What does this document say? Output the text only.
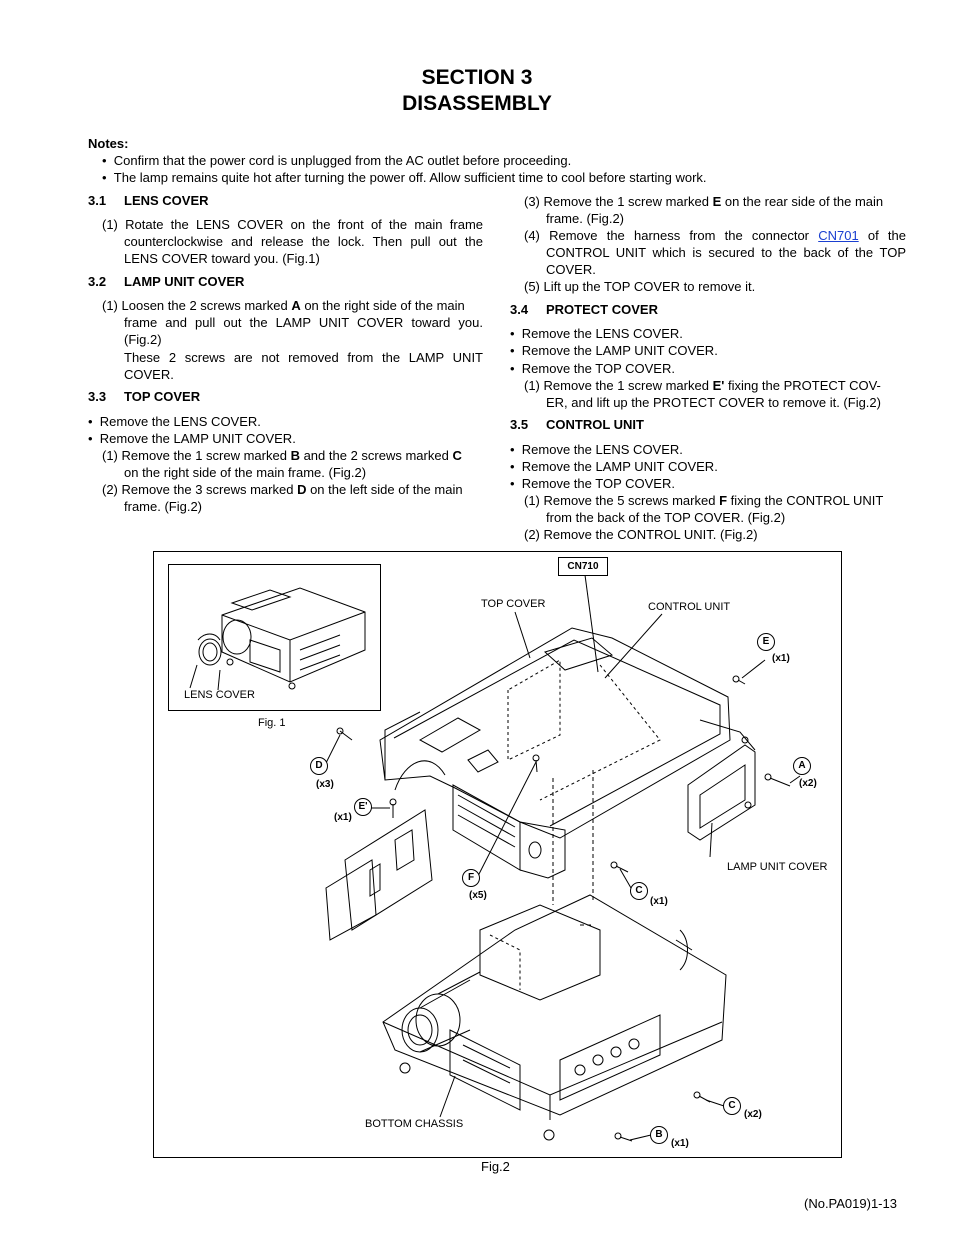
SECTION 3
DISASSEMBLY
Notes:
•  Confirm that the power cord is unplugged from the AC outlet before proceeding.
•  The lamp remains quite hot after turning the power off. Allow sufficient time to cool before starting work.
3.1 LENS COVER
(1) Rotate the LENS COVER on the front of the main frame
counterclockwise and release the lock. Then pull out the
LENS COVER toward you. (Fig.1)
3.2 LAMP UNIT COVER
(1) Loosen the 2 screws marked A on the right side of the main
frame and pull out the LAMP UNIT COVER toward you.
(Fig.2)
These 2 screws are not removed from the LAMP UNIT
COVER.
3.3 TOP COVER
•  Remove the LENS COVER.
•  Remove the LAMP UNIT COVER.
(1) Remove the 1 screw marked B and the 2 screws marked C
on the right side of the main frame. (Fig.2)
(2) Remove the 3 screws marked D on the left side of the main
frame. (Fig.2)
(3) Remove the 1 screw marked E on the rear side of the main
frame. (Fig.2)
(4) Remove the harness from the connector CN701 of the
CONTROL UNIT which is secured to the back of the TOP
COVER.
(5) Lift up the TOP COVER to remove it.
3.4 PROTECT COVER
•  Remove the LENS COVER.
•  Remove the LAMP UNIT COVER.
•  Remove the TOP COVER.
(1) Remove the 1 screw marked E' fixing the PROTECT COV-
ER, and lift up the PROTECT COVER to remove it. (Fig.2)
3.5 CONTROL UNIT
•  Remove the LENS COVER.
•  Remove the LAMP UNIT COVER.
•  Remove the TOP COVER.
(1) Remove the 5 screws marked F fixing the CONTROL UNIT
from the back of the TOP COVER. (Fig.2)
(2) Remove the CONTROL UNIT. (Fig.2)
LENS COVER
Fig. 1
CN710
TOP COVER	CONTROL UNIT
LAMP UNIT COVER
BOTTOM CHASSIS
E
(x1)
A
(x2)
D
(x3)
E'
(x1)
F
(x5)	C
(x1)
C
(x2)
B
(x1)
Fig.2
(No.PA019)1-13
